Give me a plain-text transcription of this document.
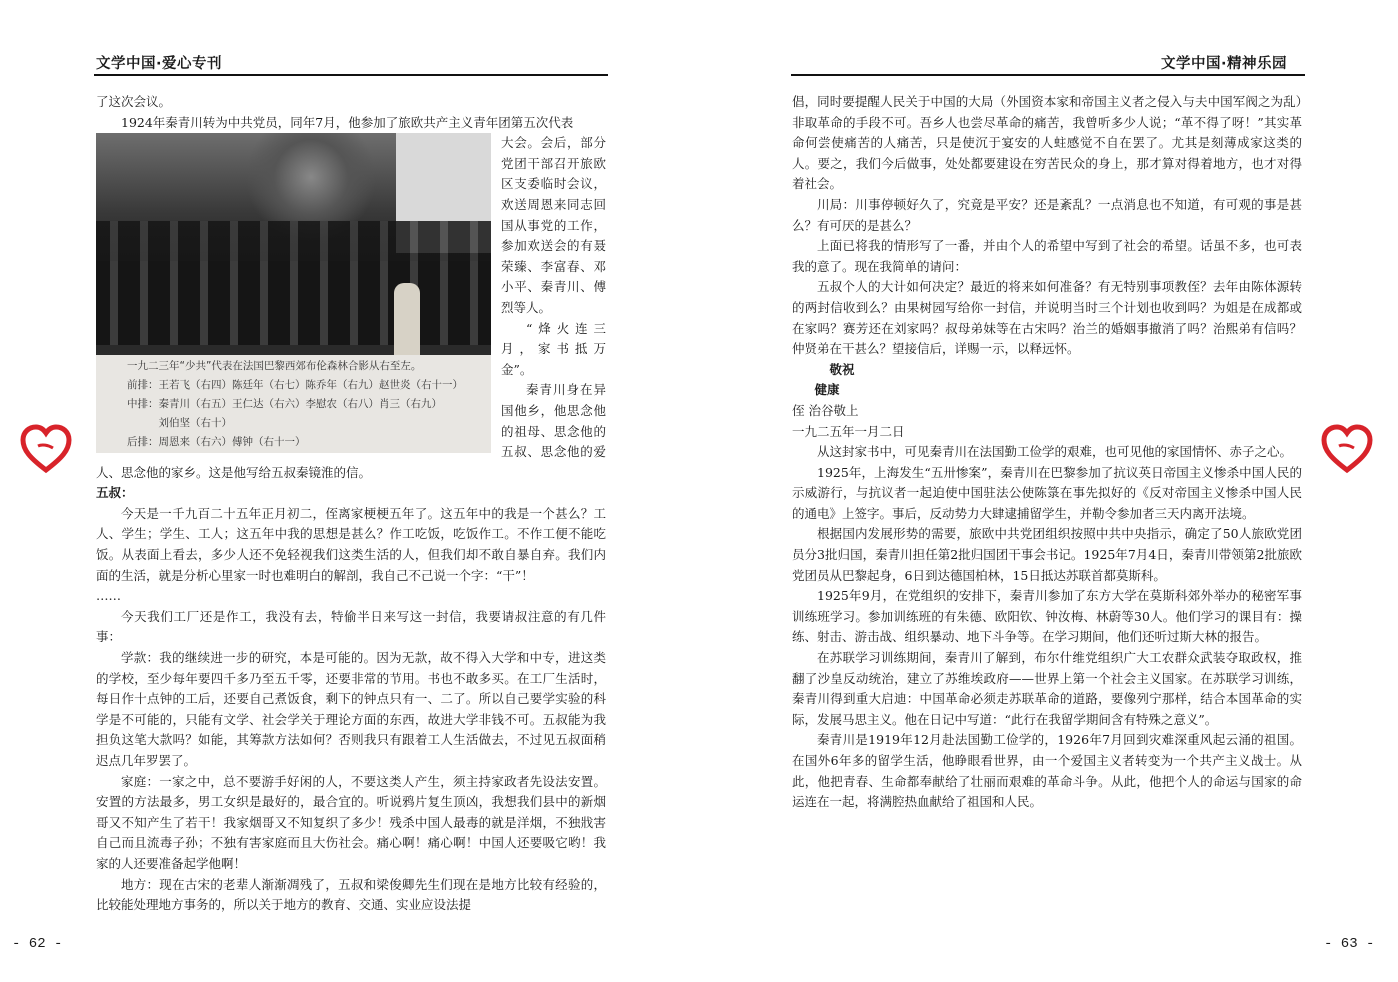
文学中国·爱心专刊

了这次会议。

1924年秦青川转为中共党员，同年7月，他参加了旅欧共产主义青年团第五次代表

一九二三年“少共”代表在法国巴黎西郊布伦森林合影从右至左。
前排：王若飞（右四）陈廷年（右七）陈乔年（右九）赵世炎（右十一）
中排：秦青川（右五）王仁达（右六）李慰农（右八）肖三（右九）
　　　刘伯坚（右十）
后排：周恩来（右六）傅钟（右十一）
大会。会后，部分党团干部召开旅欧区支委临时会议，欢送周恩来同志回国从事党的工作，参加欢送会的有聂荣臻、李富春、邓小平、秦青川、傅烈等人。

“烽火连三月，家书抵万金”。

秦青川身在异国他乡，他思念他的祖母、思念他的五叔、思念他的爱人、思念他的家乡。这是他写给五叔秦镜淮的信。

五叔：

今天是一千九百二十五年正月初二，侄离家梗梗五年了。这五年中的我是一个甚么？工人、学生；学生、工人；这五年中我的思想是甚么？作工吃饭，吃饭作工。不作工便不能吃饭。从表面上看去，多少人还不免轻视我们这类生活的人，但我们却不敢自暴自弃。我们内面的生活，就是分析心里家一时也难明白的解剖，我自己不己说一个字：“干”！

……

今天我们工厂还是作工，我没有去，特偷半日来写这一封信，我要请叔注意的有几件事：

学款：我的继续进一步的研究，本是可能的。因为无款，故不得入大学和中专，进这类的学校，至少每年要四千多乃至五千零，还要非常的节用。书也不敢多买。在工厂生活时，每日作十点钟的工后，还要自己煮饭食，剩下的钟点只有一、二了。所以自己要学实验的科学是不可能的，只能有文学、社会学关于理论方面的东西，故进大学非钱不可。五叔能为我担负这笔大款吗？如能，其筹款方法如何？否则我只有跟着工人生活做去，不过见五叔面稍迟点几年罗罢了。

家庭：一家之中，总不要游手好闲的人，不要这类人产生，须主持家政者先设法安置。安置的方法最多，男工女织是最好的，最合宜的。听说鸦片复生顶凶，我想我们县中的新烟哥又不知产生了若干！我家烟哥又不知复织了多少！残杀中国人最毒的就是洋烟，不独戕害自己而且流毒子孙；不独有害家庭而且大伤社会。痛心啊！痛心啊！中国人还要吸它哟！我家的人还要准备起学他啊！

地方：现在古宋的老辈人渐渐凋残了，五叔和梁俊卿先生们现在是地方比较有经验的，比较能处理地方事务的，所以关于地方的教育、交通、实业应设法提

- 62 -
文学中国·精神乐园

倡，同时要提醒人民关于中国的大局（外国资本家和帝国主义者之侵入与夫中国军阀之为乱）非取革命的手段不可。吾乡人也尝尽革命的痛苦，我曾听多少人说；“革不得了呀！”其实革命何尝使痛苦的人痛苦，只是使沉于宴安的人蛀感觉不自在罢了。尤其是刻薄成家这类的人。要之，我们今后做事，处处都要建设在穷苦民众的身上，那才算对得着地方，也才对得着社会。

川局：川事停顿好久了，究竟是平安？还是紊乱？一点消息也不知道，有可观的事是甚么？有可厌的是甚么？

上面已将我的情形写了一番，并由个人的希望中写到了社会的希望。话虽不多，也可表我的意了。现在我简单的请问：

五叔个人的大计如何决定？最近的将来如何准备？有无特别事项教侄？去年由陈体源转的两封信收到么？由果树园写给你一封信，并说明当时三个计划也收到吗？为姐是在成都或在家吗？赛芳还在刘家吗？叔母弟妹等在古宋吗？治兰的婚姻事撤消了吗？治熙弟有信吗？仲贤弟在干甚么？望接信后，详赐一示，以释远怀。

敬祝

健康

侄 治谷敬上

一九二五年一月二日

从这封家书中，可见秦青川在法国勤工俭学的艰难，也可见他的家国情怀、赤子之心。

1925年，上海发生“五卅惨案”，秦青川在巴黎参加了抗议英日帝国主义惨杀中国人民的示威游行，与抗议者一起迫使中国驻法公使陈箓在事先拟好的《反对帝国主义惨杀中国人民的通电》上签字。事后，反动势力大肆逮捕留学生，并勒令参加者三天内离开法境。

根据国内发展形势的需要，旅欧中共党团组织按照中共中央指示，确定了50人旅欧党团员分3批归国，秦青川担任第2批归国团干事会书记。1925年7月4日，秦青川带领第2批旅欧党团员从巴黎起身，6日到达德国柏林，15日抵达苏联首都莫斯科。

1925年9月，在党组织的安排下，秦青川参加了东方大学在莫斯科郊外举办的秘密军事训练班学习。参加训练班的有朱德、欧阳钦、钟汝梅、林蔚等30人。他们学习的课目有：操练、射击、游击战、组织暴动、地下斗争等。在学习期间，他们还听过斯大林的报告。

在苏联学习训练期间，秦青川了解到，布尔什维党组织广大工农群众武装夺取政权，推翻了沙皇反动统治，建立了苏维埃政府——世界上第一个社会主义国家。在苏联学习训练，秦青川得到重大启迪：中国革命必须走苏联革命的道路，要像列宁那样，结合本国革命的实际，发展马思主义。他在日记中写道：“此行在我留学期间含有特殊之意义”。

秦青川是1919年12月赴法国勤工俭学的，1926年7月回到灾难深重风起云涌的祖国。在国外6年多的留学生活，他睁眼看世界，由一个爱国主义者转变为一个共产主义战士。从此，他把青春、生命都奉献给了壮丽而艰难的革命斗争。从此，他把个人的命运与国家的命运连在一起，将满腔热血献给了祖国和人民。

- 63 -
